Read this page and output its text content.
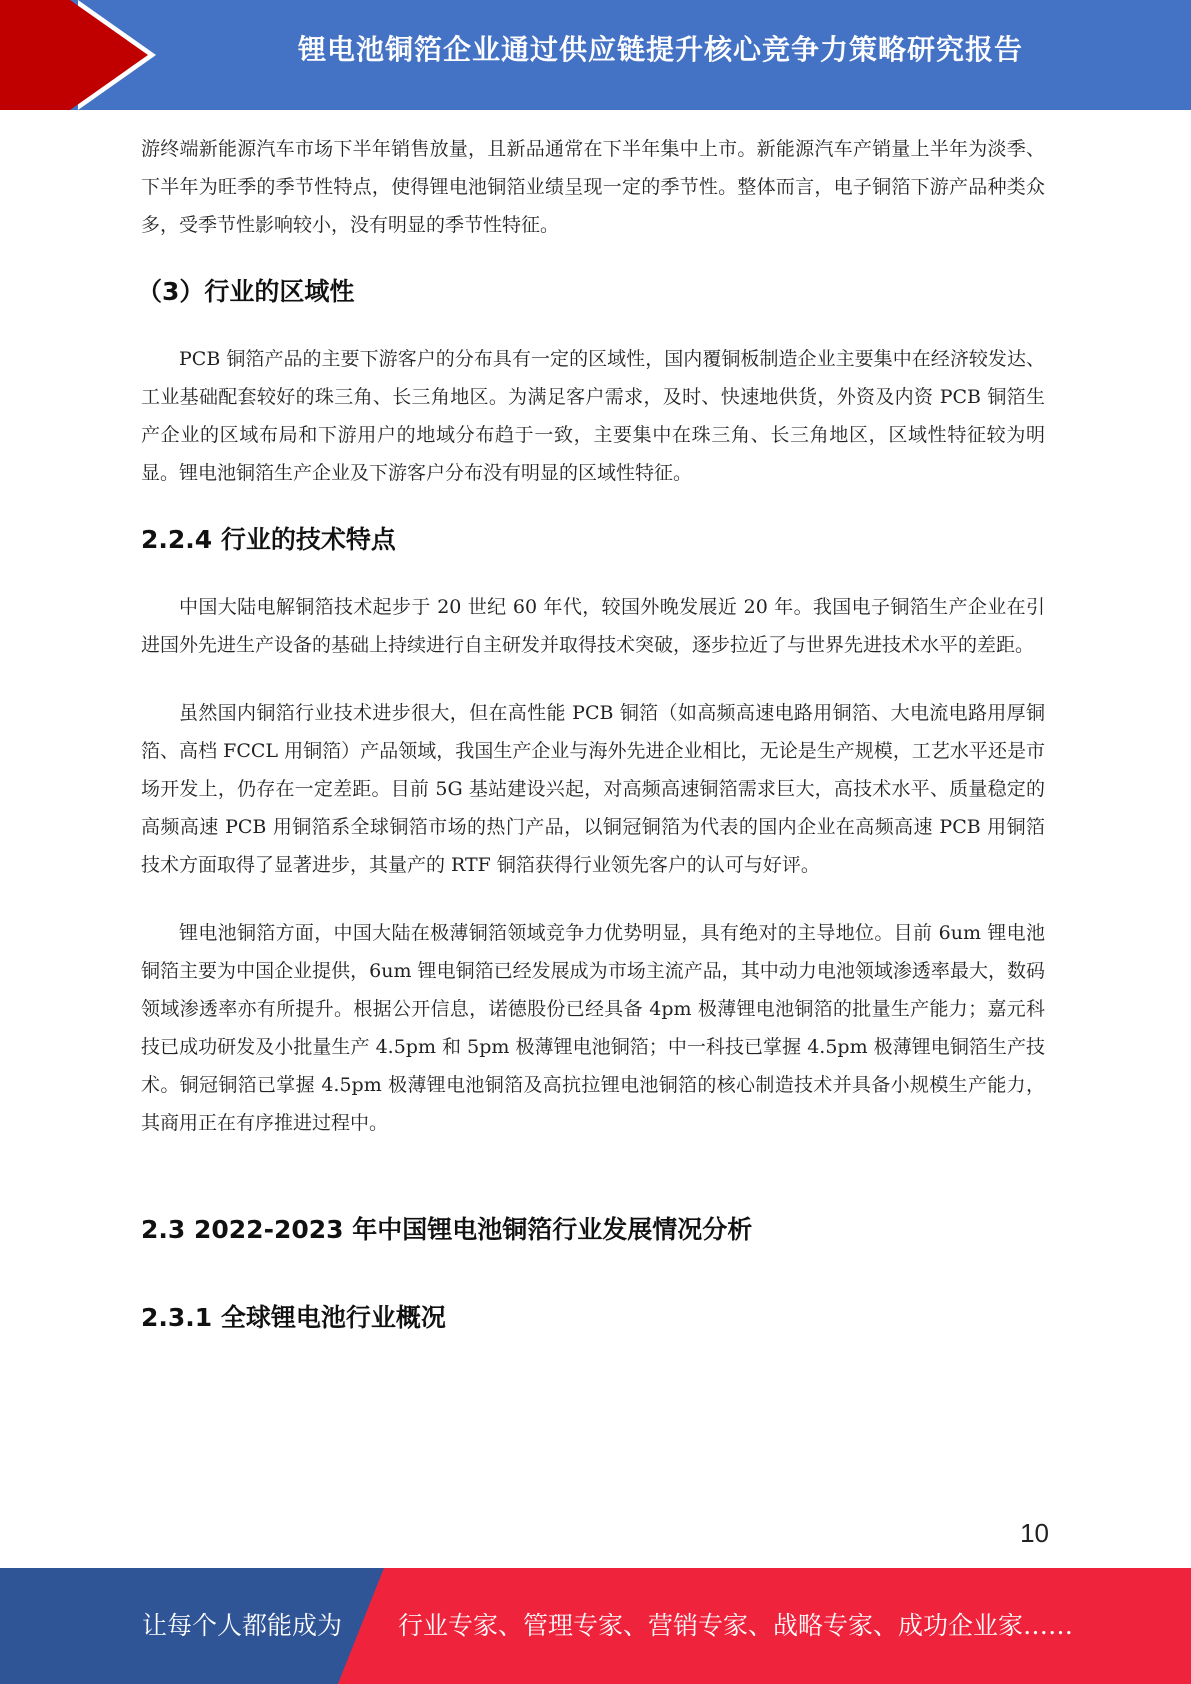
锂电池铜箔企业通过供应链提升核心竞争力策略研究报告

游终端新能源汽车市场下半年销售放量，且新品通常在下半年集中上市。新能源汽车产销量上半年为淡季、下半年为旺季的季节性特点，使得锂电池铜箔业绩呈现一定的季节性。整体而言，电子铜箔下游产品种类众多，受季节性影响较小，没有明显的季节性特征。

（3）行业的区域性

PCB 铜箔产品的主要下游客户的分布具有一定的区域性，国内覆铜板制造企业主要集中在经济较发达、工业基础配套较好的珠三角、长三角地区。为满足客户需求，及时、快速地供货，外资及内资 PCB 铜箔生产企业的区域布局和下游用户的地域分布趋于一致，主要集中在珠三角、长三角地区，区域性特征较为明显。锂电池铜箔生产企业及下游客户分布没有明显的区域性特征。

2.2.4 行业的技术特点

中国大陆电解铜箔技术起步于 20 世纪 60 年代，较国外晚发展近 20 年。我国电子铜箔生产企业在引进国外先进生产设备的基础上持续进行自主研发并取得技术突破，逐步拉近了与世界先进技术水平的差距。

虽然国内铜箔行业技术进步很大，但在高性能 PCB 铜箔（如高频高速电路用铜箔、大电流电路用厚铜箔、高档 FCCL 用铜箔）产品领域，我国生产企业与海外先进企业相比，无论是生产规模，工艺水平还是市场开发上，仍存在一定差距。目前 5G 基站建设兴起，对高频高速铜箔需求巨大，高技术水平、质量稳定的高频高速 PCB 用铜箔系全球铜箔市场的热门产品，以铜冠铜箔为代表的国内企业在高频高速 PCB 用铜箔技术方面取得了显著进步，其量产的 RTF 铜箔获得行业领先客户的认可与好评。

锂电池铜箔方面，中国大陆在极薄铜箔领域竞争力优势明显，具有绝对的主导地位。目前 6um 锂电池铜箔主要为中国企业提供，6um 锂电铜箔已经发展成为市场主流产品，其中动力电池领域渗透率最大，数码领域渗透率亦有所提升。根据公开信息，诺德股份已经具备 4pm 极薄锂电池铜箔的批量生产能力；嘉元科技已成功研发及小批量生产 4.5pm 和 5pm 极薄锂电池铜箔；中一科技已掌握 4.5pm 极薄锂电铜箔生产技术。铜冠铜箔已掌握 4.5pm 极薄锂电池铜箔及高抗拉锂电池铜箔的核心制造技术并具备小规模生产能力，其商用正在有序推进过程中。

2.3 2022-2023 年中国锂电池铜箔行业发展情况分析
2.3.1 全球锂电池行业概况
10
让每个人都能成为 行业专家、管理专家、营销专家、战略专家、成功企业家……
